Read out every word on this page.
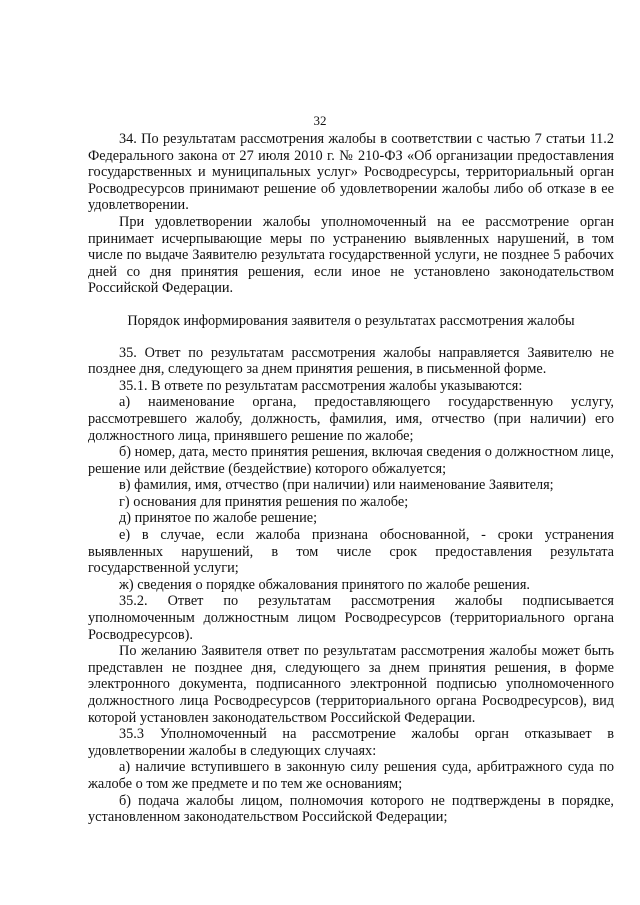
32

34. По результатам рассмотрения жалобы в соответствии с частью 7 статьи 11.2 Федерального закона от 27 июля 2010 г. № 210-ФЗ «Об организации предоставления государственных и муниципальных услуг» Росводресурсы, территориальный орган Росводресурсов принимают решение об удовлетворении жалобы либо об отказе в ее удовлетворении.

При удовлетворении жалобы уполномоченный на ее рассмотрение орган принимает исчерпывающие меры по устранению выявленных нарушений, в том числе по выдаче Заявителю результата государственной услуги, не позднее 5 рабочих дней со дня принятия решения, если иное не установлено законодательством Российской Федерации.

Порядок информирования заявителя о результатах рассмотрения жалобы

35. Ответ по результатам рассмотрения жалобы направляется Заявителю не позднее дня, следующего за днем принятия решения, в письменной форме.

35.1. В ответе по результатам рассмотрения жалобы указываются:

а) наименование органа, предоставляющего государственную услугу, рассмотревшего жалобу, должность, фамилия, имя, отчество (при наличии) его должностного лица, принявшего решение по жалобе;

б) номер, дата, место принятия решения, включая сведения о должностном лице, решение или действие (бездействие) которого обжалуется;

в) фамилия, имя, отчество (при наличии) или наименование Заявителя;

г) основания для принятия решения по жалобе;

д) принятое по жалобе решение;

е) в случае, если жалоба признана обоснованной, - сроки устранения выявленных нарушений, в том числе срок предоставления результата государственной услуги;

ж) сведения о порядке обжалования принятого по жалобе решения.

35.2. Ответ по результатам рассмотрения жалобы подписывается уполномоченным должностным лицом Росводресурсов (территориального органа Росводресурсов).

По желанию Заявителя ответ по результатам рассмотрения жалобы может быть представлен не позднее дня, следующего за днем принятия решения, в форме электронного документа, подписанного электронной подписью уполномоченного должностного лица Росводресурсов (территориального органа Росводресурсов), вид которой установлен законодательством Российской Федерации.

35.3 Уполномоченный на рассмотрение жалобы орган отказывает в удовлетворении жалобы в следующих случаях:

а) наличие вступившего в законную силу решения суда, арбитражного суда по жалобе о том же предмете и по тем же основаниям;

б) подача жалобы лицом, полномочия которого не подтверждены в порядке, установленном законодательством Российской Федерации;
